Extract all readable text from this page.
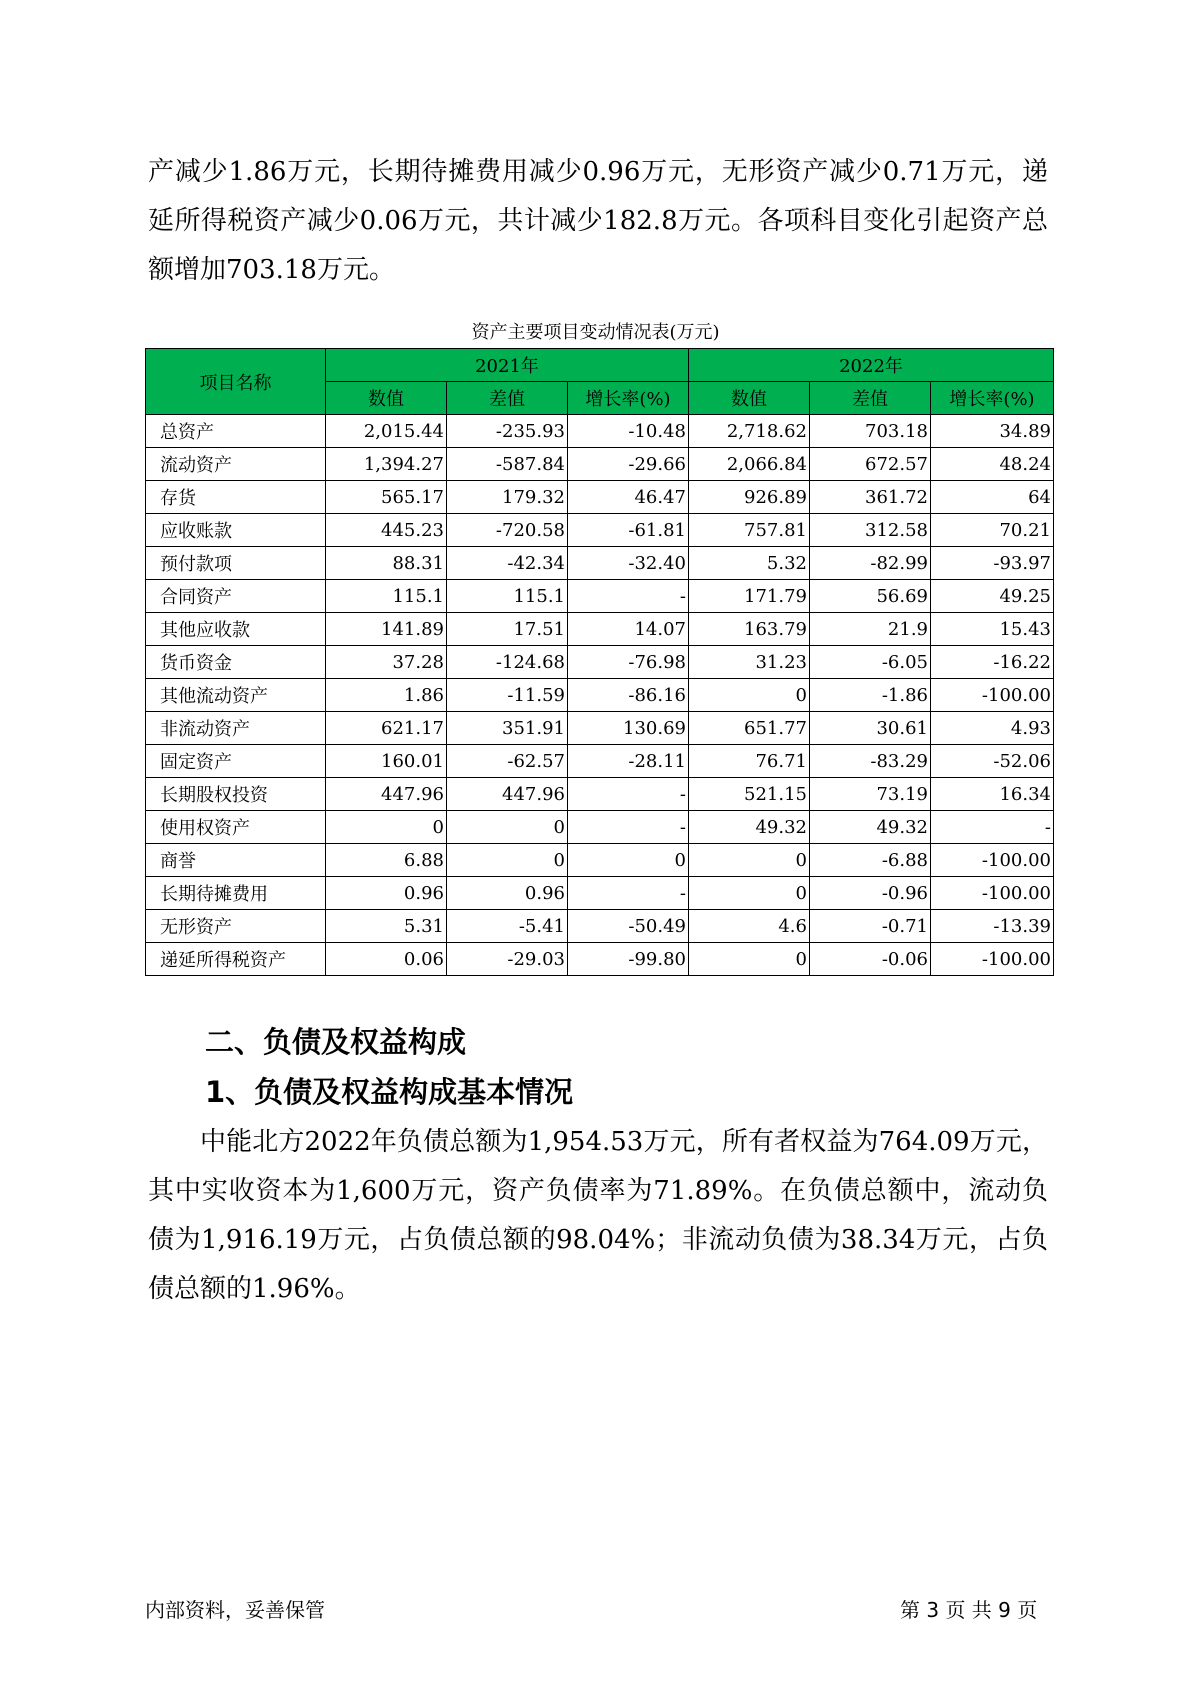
产减少1.86万元，长期待摊费用减少0.96万元，无形资产减少0.71万元，递延所得税资产减少0.06万元，共计减少182.8万元。各项科目变化引起资产总额增加703.18万元。

资产主要项目变动情况表(万元)

项目名称	2021年			2022年		
	数值	差值	增长率(%)	数值	差值	增长率(%)
总资产	2,015.44	-235.93	-10.48	2,718.62	703.18	34.89
流动资产	1,394.27	-587.84	-29.66	2,066.84	672.57	48.24
存货	565.17	179.32	46.47	926.89	361.72	64
应收账款	445.23	-720.58	-61.81	757.81	312.58	70.21
预付款项	88.31	-42.34	-32.40	5.32	-82.99	-93.97
合同资产	115.1	115.1	-	171.79	56.69	49.25
其他应收款	141.89	17.51	14.07	163.79	21.9	15.43
货币资金	37.28	-124.68	-76.98	31.23	-6.05	-16.22
其他流动资产	1.86	-11.59	-86.16	0	-1.86	-100.00
非流动资产	621.17	351.91	130.69	651.77	30.61	4.93
固定资产	160.01	-62.57	-28.11	76.71	-83.29	-52.06
长期股权投资	447.96	447.96	-	521.15	73.19	16.34
使用权资产	0	0	-	49.32	49.32	-
商誉	6.88	0	0	0	-6.88	-100.00
长期待摊费用	0.96	0.96	-	0	-0.96	-100.00
无形资产	5.31	-5.41	-50.49	4.6	-0.71	-13.39
递延所得税资产	0.06	-29.03	-99.80	0	-0.06	-100.00
二、负债及权益构成
1、负债及权益构成基本情况

中能北方2022年负债总额为1,954.53万元，所有者权益为764.09万元，其中实收资本为1,600万元，资产负债率为71.89%。在负债总额中，流动负债为1,916.19万元，占负债总额的98.04%；非流动负债为38.34万元，占负债总额的1.96%。

内部资料，妥善保管	第 3 页 共 9 页
